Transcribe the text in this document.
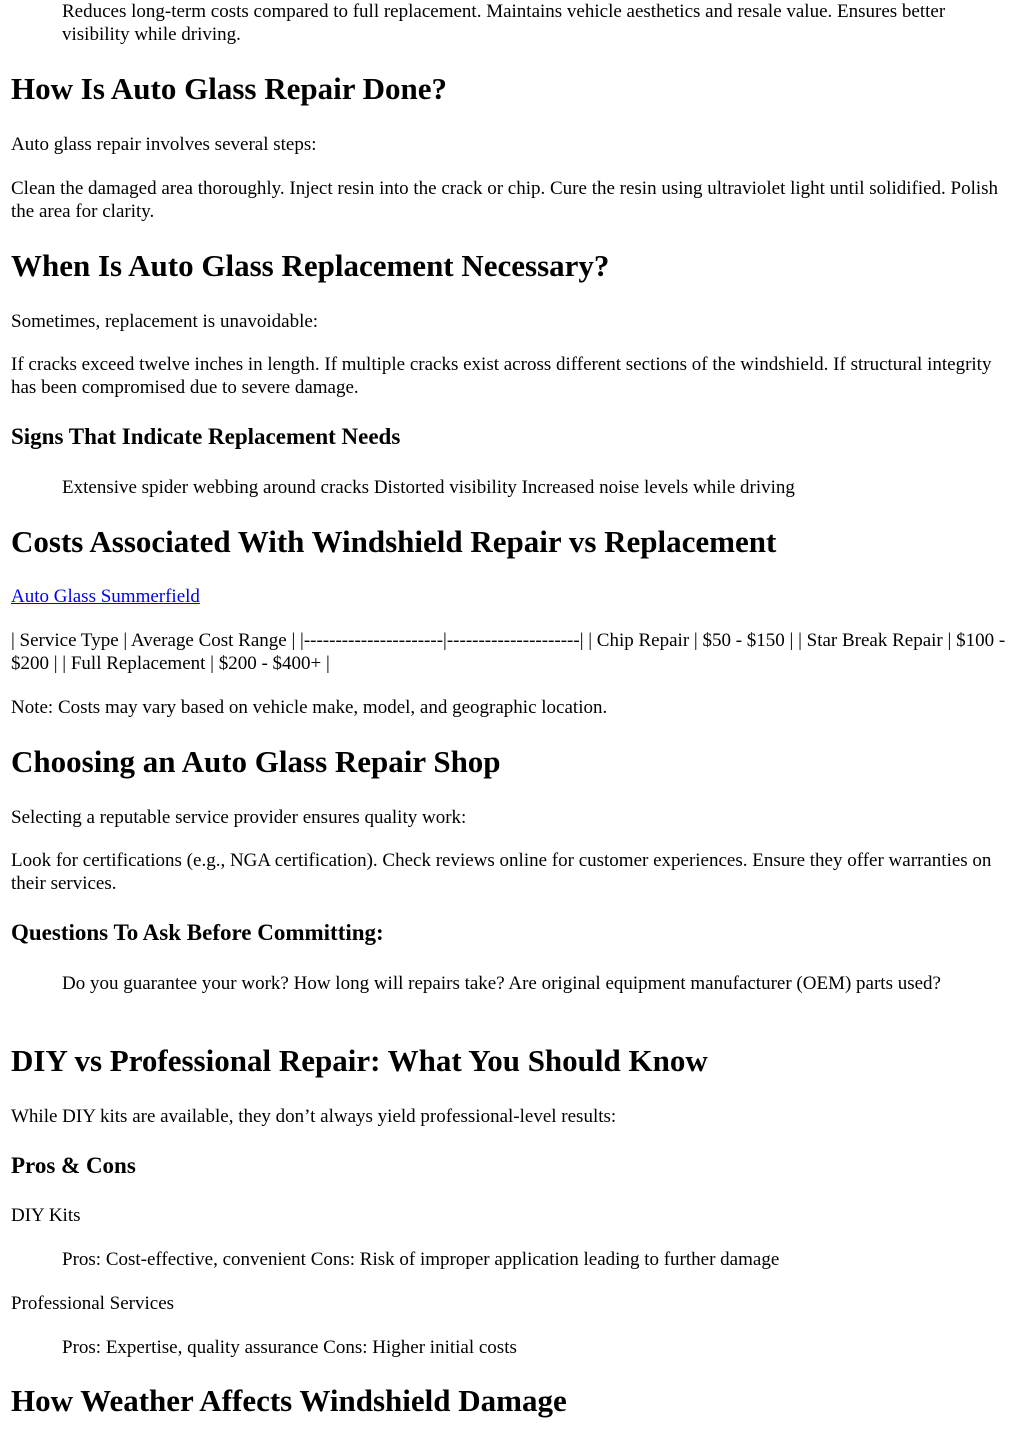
Reduces long-term costs compared to full replacement. Maintains vehicle aesthetics and resale value. Ensures better visibility while driving.

How Is Auto Glass Repair Done?

Auto glass repair involves several steps:

Clean the damaged area thoroughly. Inject resin into the crack or chip. Cure the resin using ultraviolet light until solidified. Polish the area for clarity.

When Is Auto Glass Replacement Necessary?

Sometimes, replacement is unavoidable:

If cracks exceed twelve inches in length. If multiple cracks exist across different sections of the windshield. If structural integrity has been compromised due to severe damage.

Signs That Indicate Replacement Needs

Extensive spider webbing around cracks Distorted visibility Increased noise levels while driving

Costs Associated With Windshield Repair vs Replacement

Auto Glass Summerfield

| Service Type | Average Cost Range | |----------------------|---------------------| | Chip Repair | $50 - $150 | | Star Break Repair | $100 - $200 | | Full Replacement | $200 - $400+ |

Note: Costs may vary based on vehicle make, model, and geographic location.

Choosing an Auto Glass Repair Shop

Selecting a reputable service provider ensures quality work:

Look for certifications (e.g., NGA certification). Check reviews online for customer experiences. Ensure they offer warranties on their services.

Questions To Ask Before Committing:

Do you guarantee your work? How long will repairs take? Are original equipment manufacturer (OEM) parts used?

DIY vs Professional Repair: What You Should Know

While DIY kits are available, they don’t always yield professional-level results:

Pros & Cons

DIY Kits

Pros: Cost-effective, convenient Cons: Risk of improper application leading to further damage

Professional Services

Pros: Expertise, quality assurance Cons: Higher initial costs

How Weather Affects Windshield Damage
